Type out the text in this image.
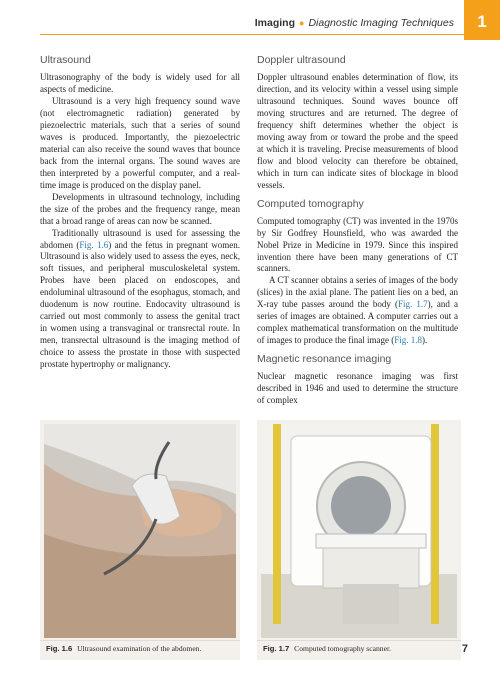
Imaging ● Diagnostic Imaging Techniques	1
Ultrasound

Ultrasonography of the body is widely used for all aspects of medicine.

Ultrasound is a very high frequency sound wave (not electromagnetic radiation) generated by piezoelectric materials, such that a series of sound waves is produced. Importantly, the piezoelectric material can also receive the sound waves that bounce back from the internal organs. The sound waves are then interpreted by a powerful computer, and a real-time image is produced on the display panel.

Developments in ultrasound technology, including the size of the probes and the frequency range, mean that a broad range of areas can now be scanned.

Traditionally ultrasound is used for assessing the abdomen (Fig. 1.6) and the fetus in pregnant women. Ultrasound is also widely used to assess the eyes, neck, soft tissues, and peripheral musculoskeletal system. Probes have been placed on endoscopes, and endoluminal ultrasound of the esophagus, stomach, and duodenum is now routine. Endocavity ultrasound is carried out most commonly to assess the genital tract in women using a transvaginal or transrectal route. In men, transrectal ultrasound is the imaging method of choice to assess the prostate in those with suspected prostate hypertrophy or malignancy.

Doppler ultrasound

Doppler ultrasound enables determination of flow, its direction, and its velocity within a vessel using simple ultrasound techniques. Sound waves bounce off moving structures and are returned. The degree of frequency shift determines whether the object is moving away from or toward the probe and the speed at which it is traveling. Precise measurements of blood flow and blood velocity can therefore be obtained, which in turn can indicate sites of blockage in blood vessels.

Computed tomography

Computed tomography (CT) was invented in the 1970s by Sir Godfrey Hounsfield, who was awarded the Nobel Prize in Medicine in 1979. Since this inspired invention there have been many generations of CT scanners.

A CT scanner obtains a series of images of the body (slices) in the axial plane. The patient lies on a bed, an X-ray tube passes around the body (Fig. 1.7), and a series of images are obtained. A computer carries out a complex mathematical transformation on the multitude of images to produce the final image (Fig. 1.8).

Magnetic resonance imaging

Nuclear magnetic resonance imaging was first described in 1946 and used to determine the structure of complex

Fig. 1.6 Ultrasound examination of the abdomen.	Fig. 1.7 Computed tomography scanner.	7
